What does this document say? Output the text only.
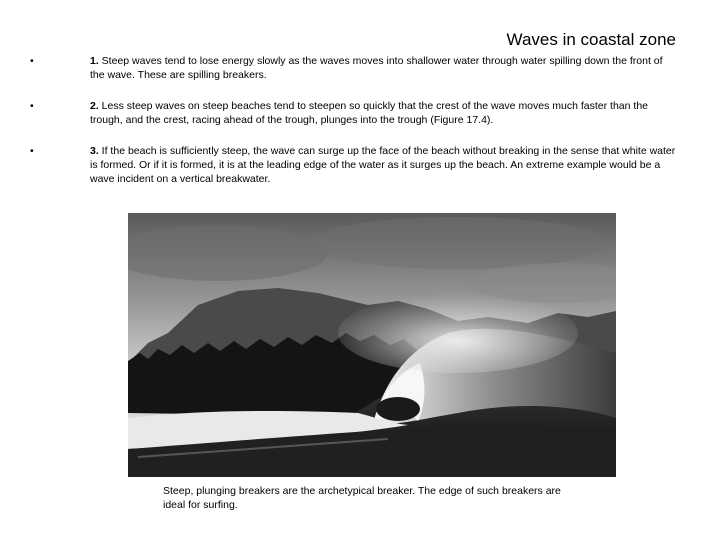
Waves in coastal zone
•	1. Steep waves tend to lose energy slowly as the waves moves into shallower water through water spilling down the front of the wave. These are spilling breakers.
•	2. Less steep waves on steep beaches tend to steepen so quickly that the crest of the wave moves much faster than the trough, and the crest, racing ahead of the trough, plunges into the trough (Figure 17.4).
•	3. If the beach is sufficiently steep, the wave can surge up the face of the beach without breaking in the sense that white water is formed. Or if it is formed, it is at the leading edge of the water as it surges up the beach. An extreme example would be a wave incident on a vertical breakwater.

Steep, plunging breakers are the archetypical breaker. The edge of such breakers are ideal for surfing.
